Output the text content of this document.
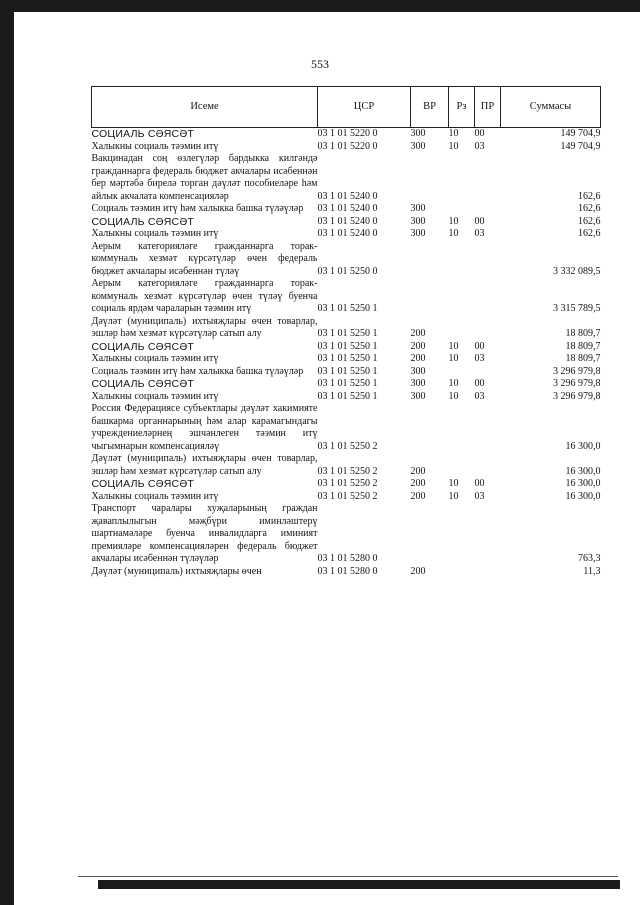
553
Исеме	ЦСР	ВР	Рз	ПР	Суммасы
СОЦИАЛЬ СӘЯСӘТ	03 1 01 5220 0	300	10	00	149 704,9
Халыкны социаль тәэмин итү	03 1 01 5220 0	300	10	03	149 704,9
Вакцинадан соң өзлегүләр бардыкка килгәндә гражданнарга федераль бюджет акчалары исәбеннән бер мәртәбә бирелә торган дәүләт пособиеләре һәм айлык акчалата компенсацияләр	03 1 01 5240 0				162,6
Социаль тәэмин итү һәм халыкка башка түләүләр	03 1 01 5240 0	300			162,6
СОЦИАЛЬ СӘЯСӘТ	03 1 01 5240 0	300	10	00	162,6
Халыкны социаль тәэмин итү	03 1 01 5240 0	300	10	03	162,6
Аерым категорияләге гражданнарга торак-коммуналь хезмәт күрсәтүләр өчен федераль бюджет акчалары исәбеннән түләү	03 1 01 5250 0				3 332 089,5
Аерым категорияләге гражданнарга торак-коммуналь хезмәт күрсәтүләр өчен түләү буенча социаль ярдәм чараларын тәэмин итү	03 1 01 5250 1				3 315 789,5
Дәүләт (муниципаль) ихтыяҗлары өчен товарлар, эшләр һәм хезмәт күрсәтүләр сатып алу	03 1 01 5250 1	200			18 809,7
СОЦИАЛЬ СӘЯСӘТ	03 1 01 5250 1	200	10	00	18 809,7
Халыкны социаль тәэмин итү	03 1 01 5250 1	200	10	03	18 809,7
Социаль тәэмин итү һәм халыкка башка түләүләр	03 1 01 5250 1	300			3 296 979,8
СОЦИАЛЬ СӘЯСӘТ	03 1 01 5250 1	300	10	00	3 296 979,8
Халыкны социаль тәэмин итү	03 1 01 5250 1	300	10	03	3 296 979,8
Россия Федерациясе субъектлары дәүләт хакимияте башкарма органнарының һәм алар карамагындагы учреждениеләрнең эшчәнлеген тәэмин итү чыгымнарын компенсацияләү	03 1 01 5250 2				16 300,0
Дәүләт (муниципаль) ихтыяҗлары өчен товарлар, эшләр һәм хезмәт күрсәтүләр сатып алу	03 1 01 5250 2	200			16 300,0
СОЦИАЛЬ СӘЯСӘТ	03 1 01 5250 2	200	10	00	16 300,0
Халыкны социаль тәэмин итү	03 1 01 5250 2	200	10	03	16 300,0
Транспорт чаралары хуҗаларының граждан җаваплылыгын мәҗбүри иминләштерү шартнамәләре буенча инвалидларга иминият премияләре компенсацияләрен федераль бюджет акчалары исәбеннән түләүләр	03 1 01 5280 0				763,3
Дәүләт (муниципаль) ихтыяҗлары өчен	03 1 01 5280 0	200			11,3
